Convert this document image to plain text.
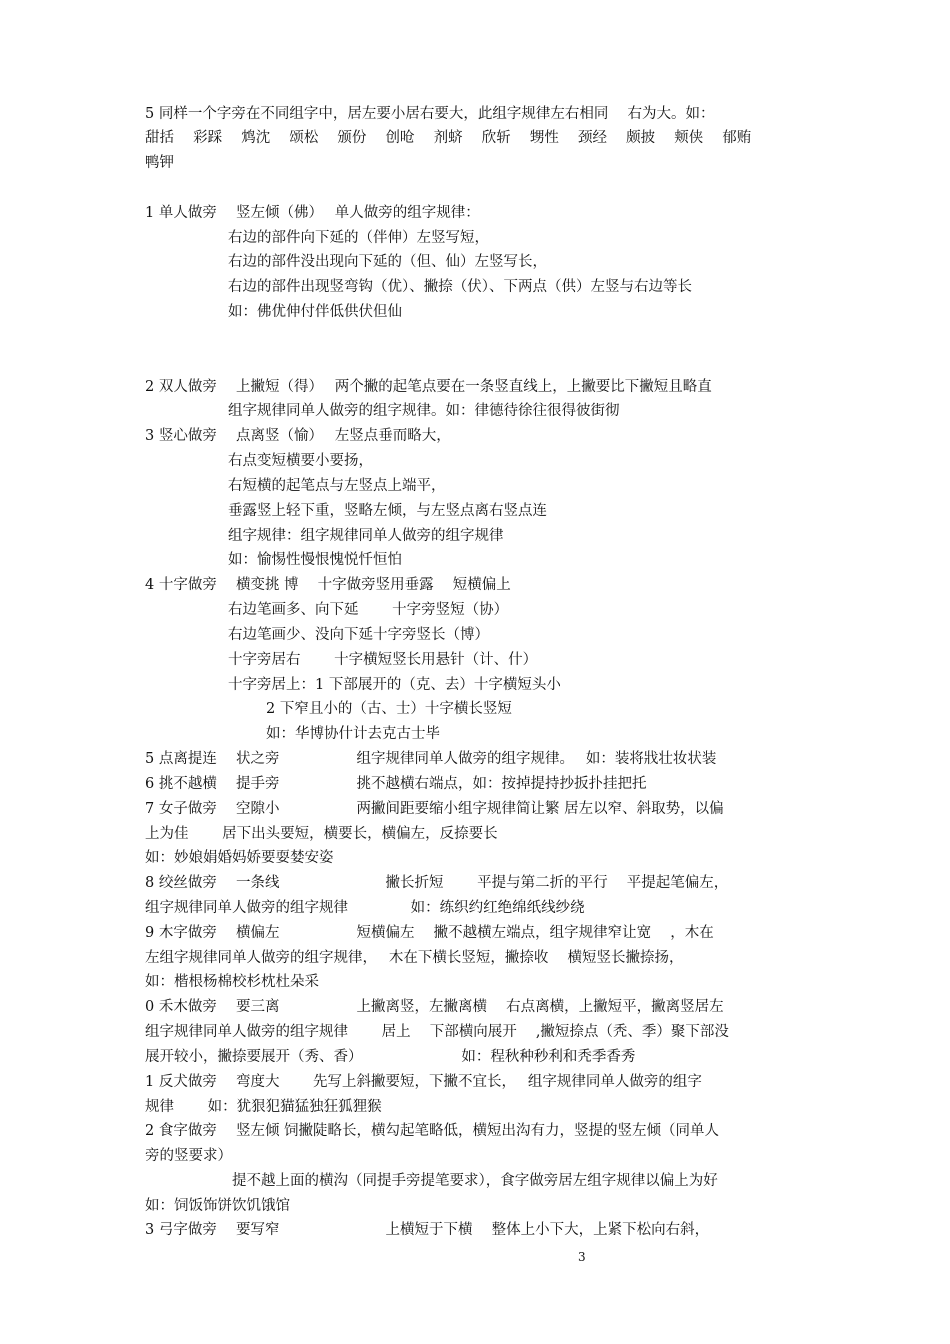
5 同样一个字旁在不同组字中，居左要小居右要大，此组字规律左右相同　 右为大。如：
甜括　 彩踩　 鸩沈　 颂松　 颁份　 创呛　 剂蛴　 欣斩　 甥性　 颈经　 颇披　 颊侠　 郁贿
鸭钾
1 单人做旁　 竖左倾（佛）　 单人做旁的组字规律：
右边的部件向下延的（伴伸）左竖写短，
右边的部件没出现向下延的（但、仙）左竖写长，
右边的部件出现竖弯钩（优）、撇捺（伏）、下两点（供）左竖与右边等长
如：佛优伸付伴低供伏但仙
2 双人做旁　 上撇短（得）　 两个撇的起笔点要在一条竖直线上，上撇要比下撇短且略直
组字规律同单人做旁的组字规律。如：律德待徐往很得彼街彻
3 竖心做旁　 点离竖（愉）　 左竖点垂而略大，
右点变短横要小要扬，
右短横的起笔点与左竖点上端平，
垂露竖上轻下重，竖略左倾，与左竖点离右竖点连
组字规律：组字规律同单人做旁的组字规律
如：愉惕性慢恨愧悦忏恒怕
4 十字做旁　 横变挑 博　 十字做旁竖用垂露　 短横偏上
右边笔画多、向下延　　 十字旁竖短（协）
右边笔画少、没向下延十字旁竖长（博）
十字旁居右　　 十字横短竖长用悬针（计、什）
十字旁居上：1 下部展开的（克、去）十字横短头小
2 下窄且小的（古、士）十字横长竖短
如：华博协什计去克古士毕
5 点离提连　 状之旁　　　　　 组字规律同单人做旁的组字规律。　 如：装将戕壮妆状装
6 挑不越横　 提手旁　　　　　 挑不越横右端点，如：按掉提持抄扳扑挂把托
7 女子做旁　 空隙小　　　　　 两撇间距要缩小组字规律简让繁 居左以窄、斜取势，以偏
上为佳　　 居下出头要短，横要长，横偏左，反捺要长
如：妙娘娟婚妈娇要耍婪安姿
8 绞丝做旁　 一条线　　　　　　　 撇长折短　　 平提与第二折的平行　 平提起笔偏左，
组字规律同单人做旁的组字规律　　　　 如：练织约红绝绵纸线纱绕
9 木字做旁　 横偏左　　　　　 短横偏左　 撇不越横左端点，组字规律窄让宽　 ，木在
左组字规律同单人做旁的组字规律，　 木在下横长竖短，撇捺收　 横短竖长撇捺扬，
如：楷根杨棉校杉枕杜朵采
0 禾木做旁　 要三离　　　　　 上撇离竖，左撇离横　 右点离横，上撇短平，撇离竖居左
组字规律同单人做旁的组字规律　　 居上　 下部横向展开　 ,撇短捺点（秃、季）聚下部没
展开较小，撇捺要展开（秀、香）　　　　　　　 如：程秋种秒利和秃季香秀
1 反犬做旁　 弯度大　　 先写上斜撇要短，下撇不宜长，　 组字规律同单人做旁的组字
规律　　 如：犹狠犯猫猛独狂狐狸猴
2 食字做旁　 竖左倾 饲撇陡略长，横勾起笔略低，横短出沟有力，竖提的竖左倾（同单人
旁的竖要求）
提不越上面的横沟（同提手旁提笔要求），食字做旁居左组字规律以偏上为好
如：饲饭饰饼饮饥饿馆
3 弓字做旁　 要写窄　　　　　　　 上横短于下横　 整体上小下大，上紧下松向右斜，
3
